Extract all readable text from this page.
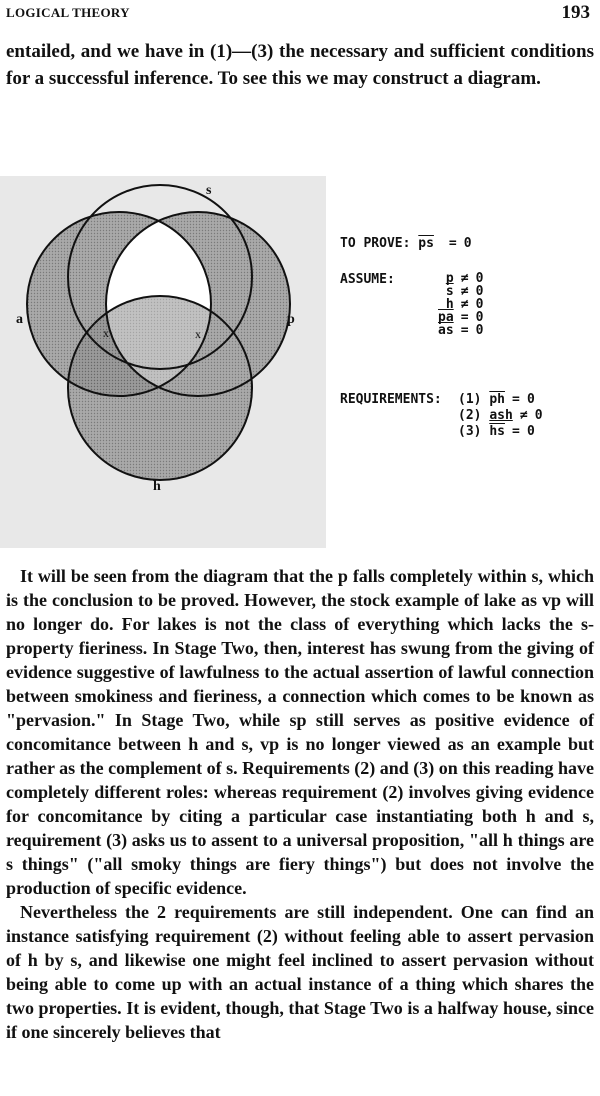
LOGICAL THEORY	193

entailed, and we have in (1)—(3) the necessary and sufficient conditions for a successful inference. To see this we may construct a diagram.

s
a	p
h
x	x
TO PROVE: $\overline{ps} = 0$
ASSUME:	p ≠ 0
$\overline{s} \ne 0$
h ≠ 0
$\overline{pa} = 0$
$\overline{as} = 0$
REQUIREMENTS: (1) $\overline{ph} = 0$
(2) ash ≠ 0
(3) $\overline{hs} = 0$

It will be seen from the diagram that the p falls completely within s, which is the conclusion to be proved. However, the stock example of lake as vp will no longer do. For lakes is not the class of everything which lacks the s-property fieriness. In Stage Two, then, interest has swung from the giving of evidence suggestive of lawfulness to the actual assertion of lawful connection between smokiness and fieriness, a connection which comes to be known as "pervasion." In Stage Two, while sp still serves as positive evidence of concomitance between h and s, vp is no longer viewed as an example but rather as the complement of s. Requirements (2) and (3) on this reading have completely different roles: whereas requirement (2) involves giving evidence for concomitance by citing a particular case instantiating both h and s, requirement (3) asks us to assent to a universal proposition, "all h things are s things" ("all smoky things are fiery things") but does not involve the production of specific evidence.

Nevertheless the 2 requirements are still independent. One can find an instance satisfying requirement (2) without feeling able to assert pervasion of h by s, and likewise one might feel inclined to assert pervasion without being able to come up with an actual instance of a thing which shares the two properties. It is evident, though, that Stage Two is a halfway house, since if one sincerely believes that
